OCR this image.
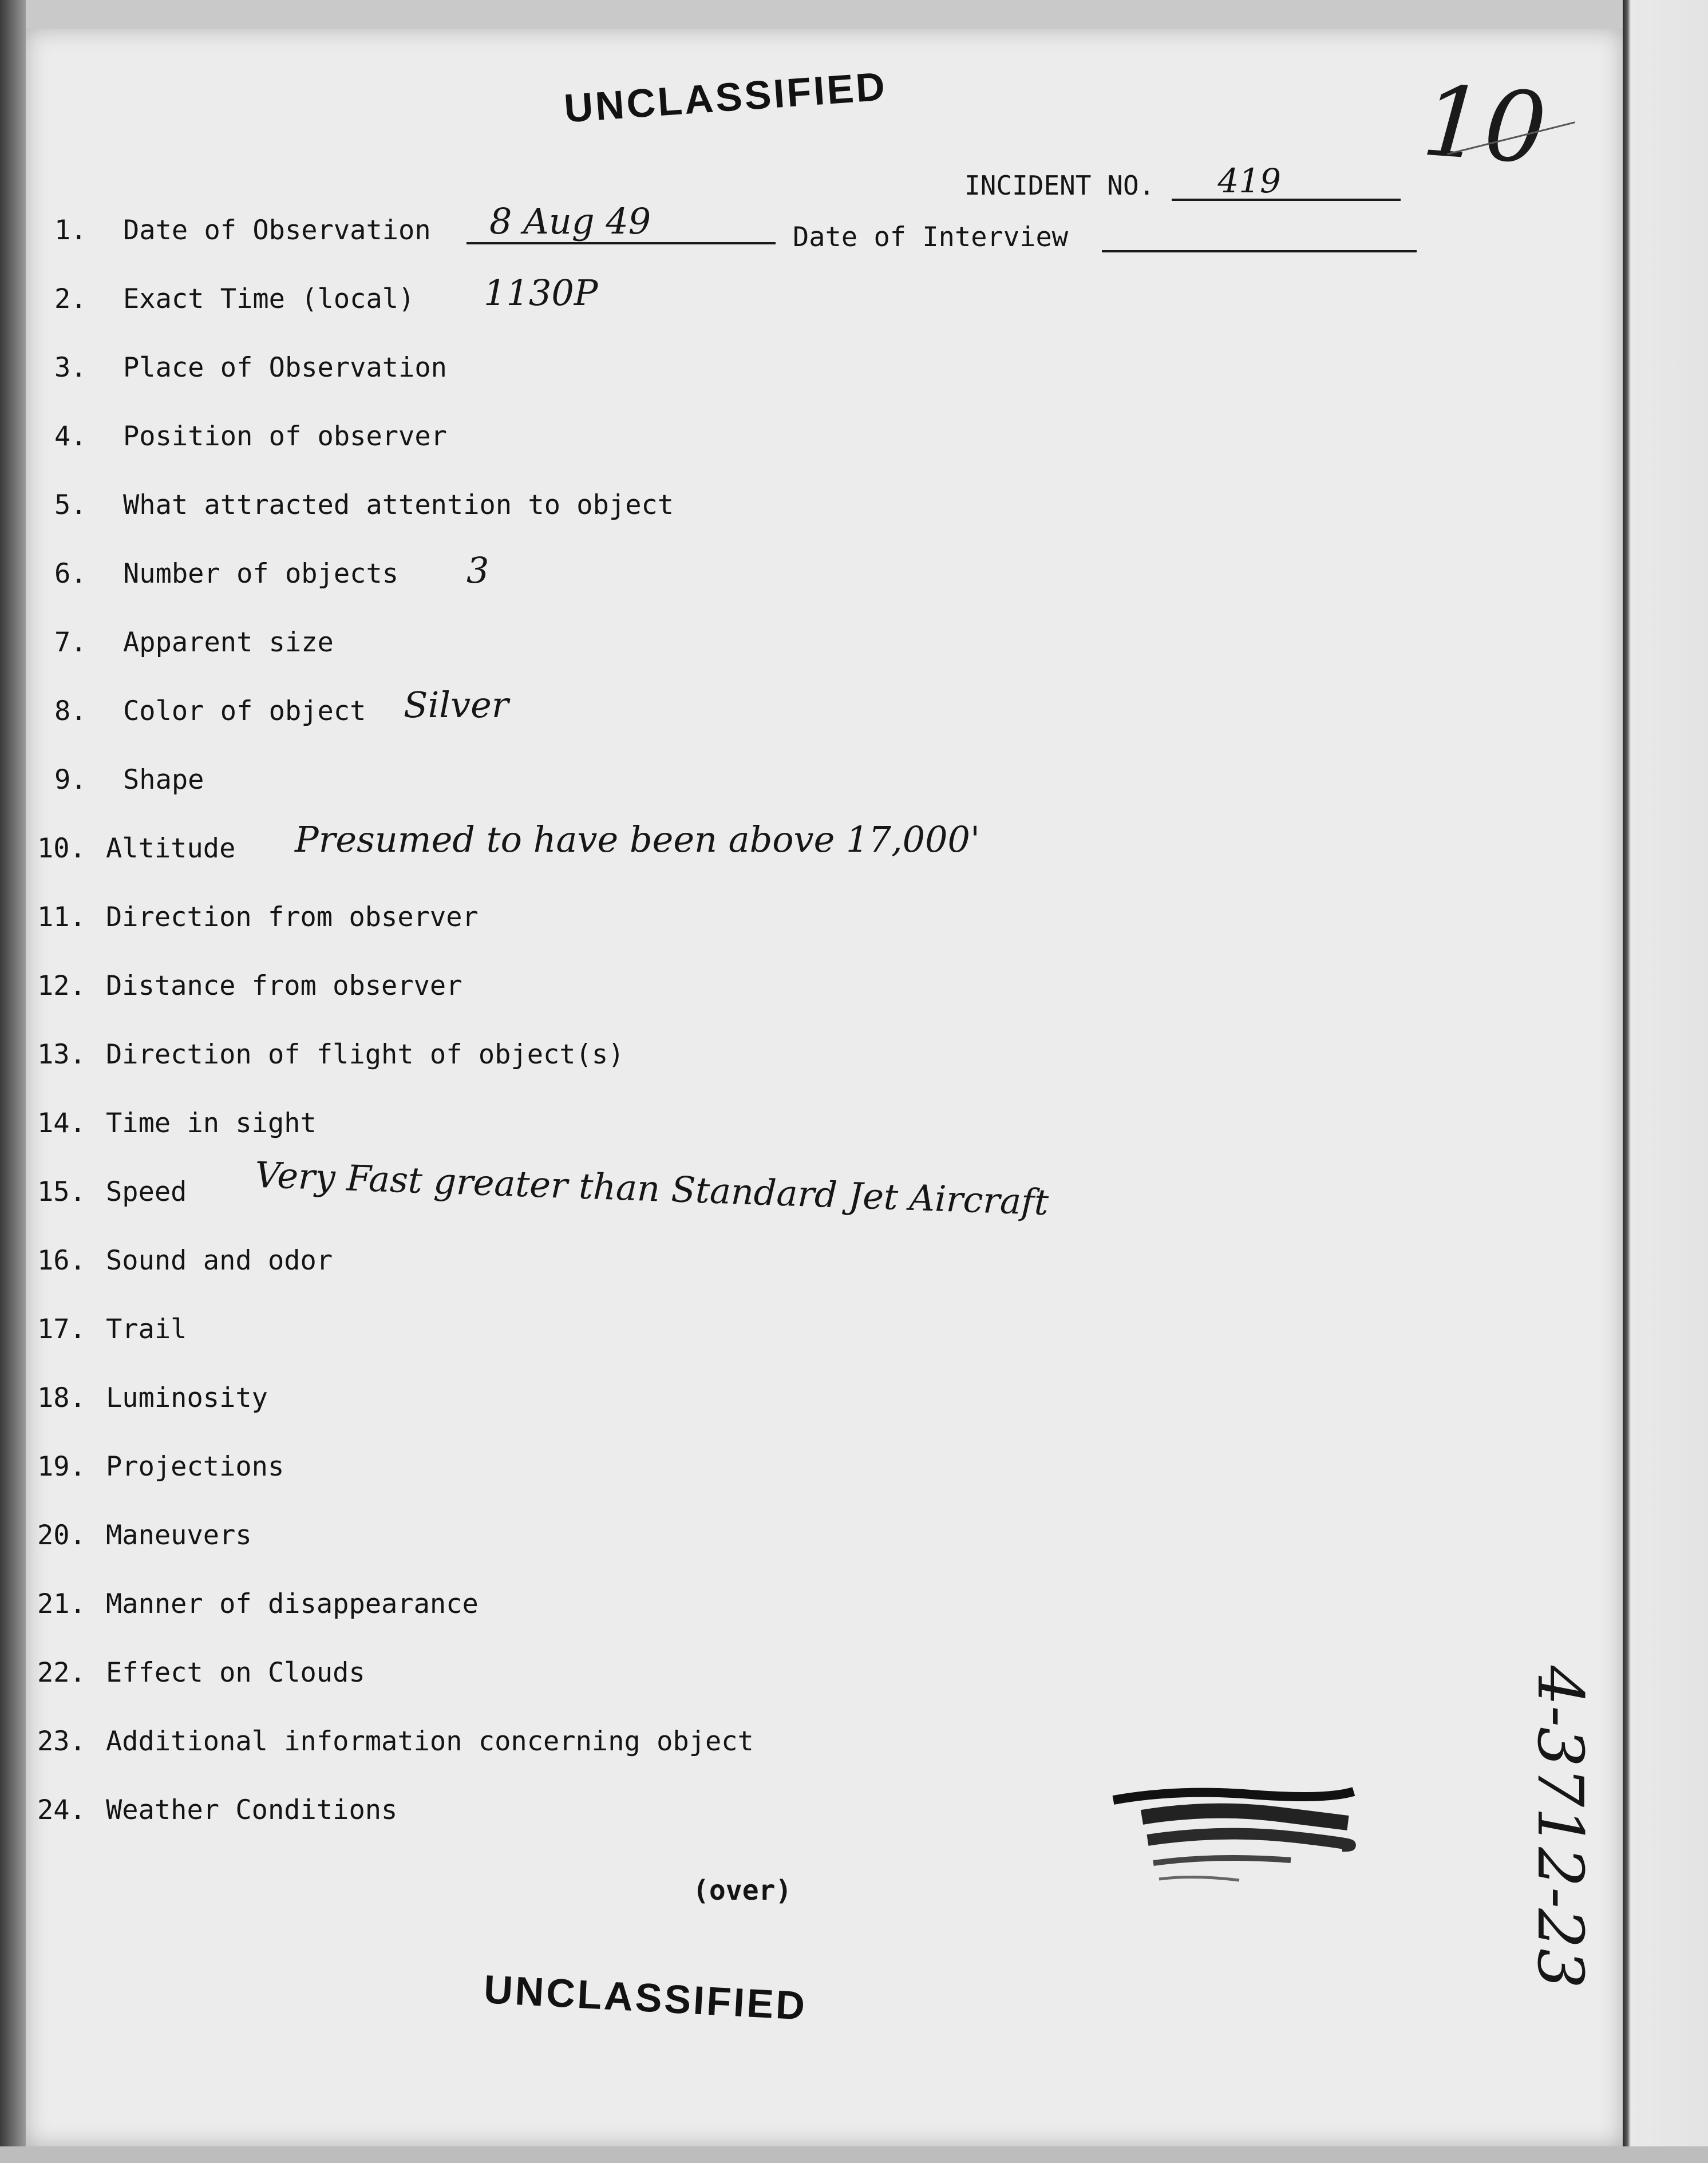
UNCLASSIFIED	10
INCIDENT NO.	419
1. Date of Observation 8 Aug 49	Date of Interview
2. Exact Time (local) 1130P
3. Place of Observation
4. Position of observer
5. What attracted attention to object
6. Number of objects 3
7. Apparent size
8. Color of object Silver
9. Shape
10. Altitude Presumed to have been above 17,000'
11. Direction from observer
12. Distance from observer
13. Direction of flight of object(s)
14. Time in sight
15. Speed Very Fast greater than Standard Jet Aircraft
16. Sound and odor
17. Trail
18. Luminosity
19. Projections
20. Maneuvers
21. Manner of disappearance
22. Effect on Clouds
23. Additional information concerning object
24. Weather Conditions
(over)
UNCLASSIFIED
4-3712-23
